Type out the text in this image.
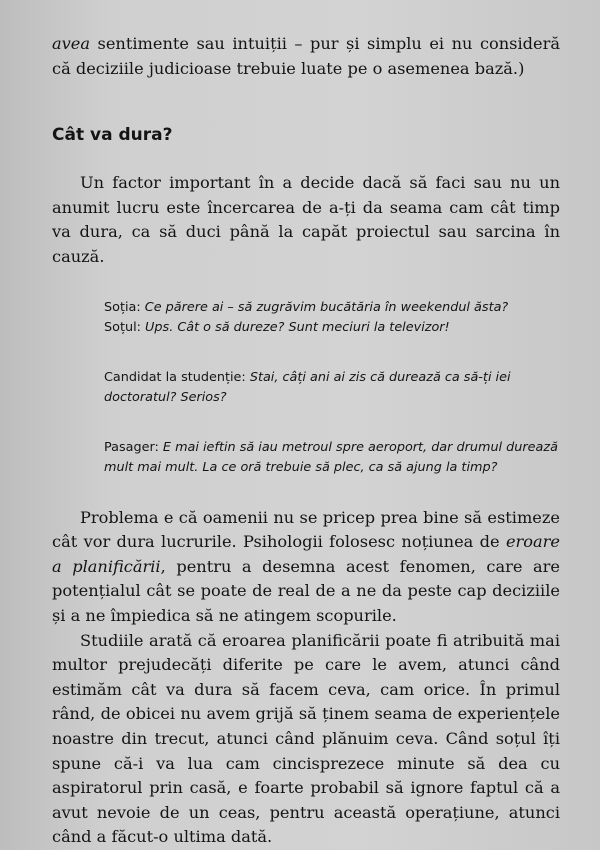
avea sentimente sau intuiții – pur și simplu ei nu consideră că deciziile judicioase trebuie luate pe o asemenea bază.)

Cât va dura?

Un factor important în a decide dacă să faci sau nu un anumit lucru este încercarea de a-ți da seama cam cât timp va dura, ca să duci până la capăt proiectul sau sarcina în cauză.

Soția: Ce părere ai – să zugrăvim bucătăria în weekendul ăsta?

Soțul: Ups. Cât o să dureze? Sunt meciuri la televizor!

Candidat la studenție: Stai, câți ani ai zis că durează ca să-ți iei doctoratul? Serios?

Pasager: E mai ieftin să iau metroul spre aeroport, dar drumul durează mult mai mult. La ce oră trebuie să plec, ca să ajung la timp?

Problema e că oamenii nu se pricep prea bine să estimeze cât vor dura lucrurile. Psihologii folosesc noțiunea de eroare a planificării, pentru a desemna acest fenomen, care are potențialul cât se poate de real de a ne da peste cap deciziile și a ne împiedica să ne atingem scopurile.

Studiile arată că eroarea planificării poate fi atribuită mai multor prejudecăți diferite pe care le avem, atunci când estimăm cât va dura să facem ceva, cam orice. În primul rând, de obicei nu avem grijă să ținem seama de experiențele noastre din trecut, atunci când plănuim ceva. Când soțul îți spune că-i va lua cam cincisprezece minute să dea cu aspiratorul prin casă, e foarte probabil să ignore faptul că a avut nevoie de un ceas, pentru această operațiune, atunci când a făcut-o ultima dată.
